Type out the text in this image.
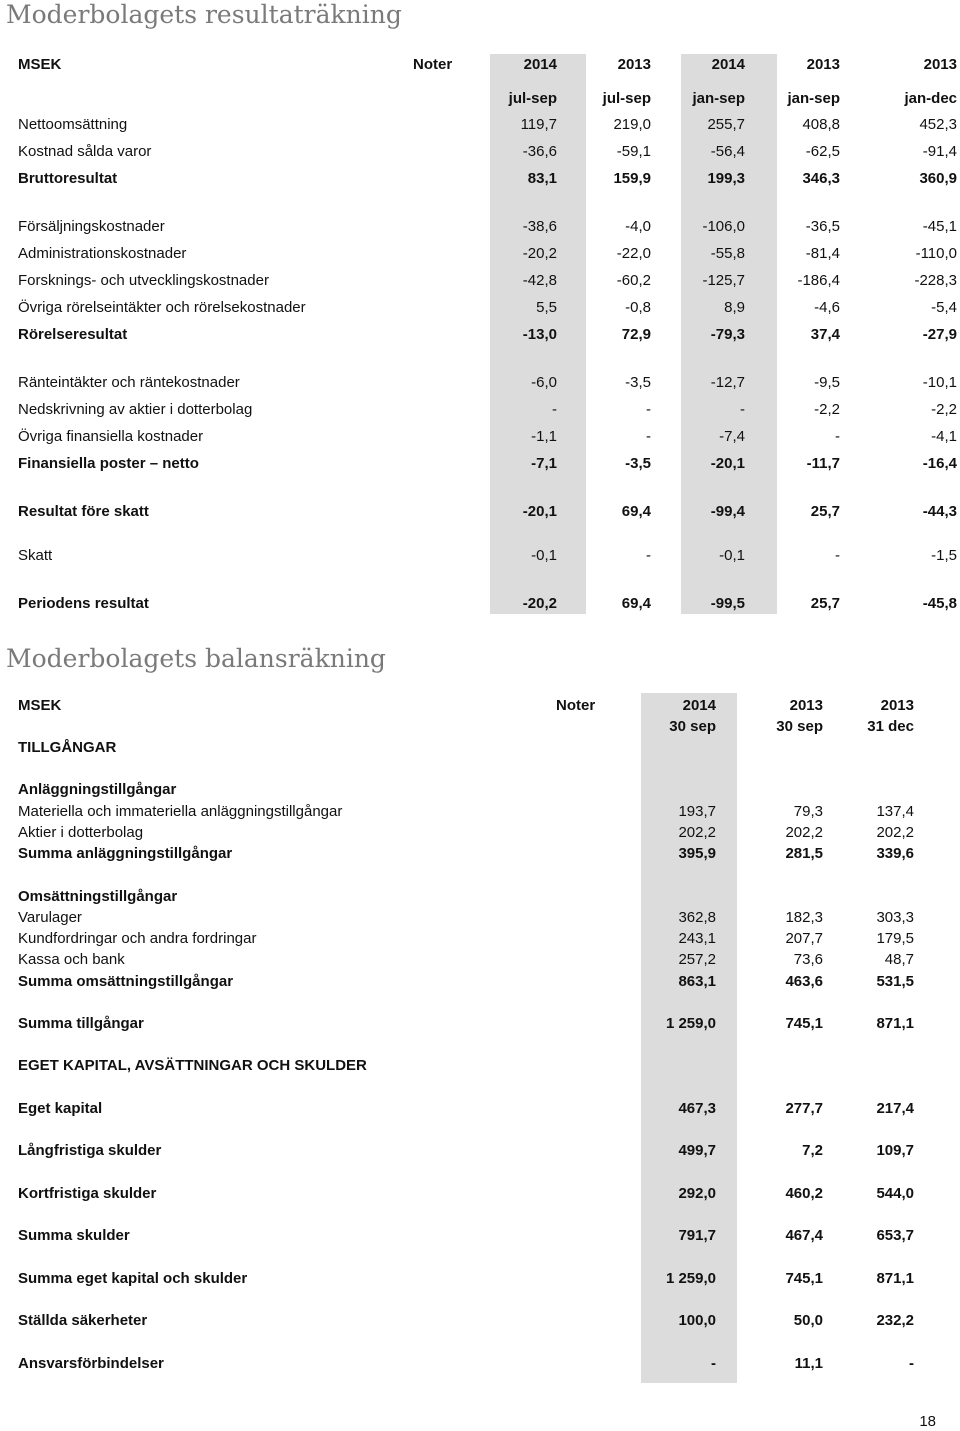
Moderbolagets resultaträkning
MSEK	Noter	2014	2013	2014	2013	2013
jul-sep	jul-sep	jan-sep	jan-sep	jan-dec
Nettoomsättning	119,7	219,0	255,7	408,8	452,3
Kostnad sålda varor	-36,6	-59,1	-56,4	-62,5	-91,4
Bruttoresultat	83,1	159,9	199,3	346,3	360,9
Försäljningskostnader	-38,6	-4,0	-106,0	-36,5	-45,1
Administrationskostnader	-20,2	-22,0	-55,8	-81,4	-110,0
Forsknings- och utvecklingskostnader	-42,8	-60,2	-125,7	-186,4	-228,3
Övriga rörelseintäkter och rörelsekostnader	5,5	-0,8	8,9	-4,6	-5,4
Rörelseresultat	-13,0	72,9	-79,3	37,4	-27,9
Ränteintäkter och räntekostnader	-6,0	-3,5	-12,7	-9,5	-10,1
Nedskrivning av aktier i dotterbolag	-	-	-	-2,2	-2,2
Övriga finansiella kostnader	-1,1	-	-7,4	-	-4,1
Finansiella poster – netto	-7,1	-3,5	-20,1	-11,7	-16,4
Resultat före skatt	-20,1	69,4	-99,4	25,7	-44,3
Skatt	-0,1	-	-0,1	-	-1,5
Periodens resultat	-20,2	69,4	-99,5	25,7	-45,8
Moderbolagets balansräkning
MSEK	Noter	2014	2013	2013
30 sep	30 sep	31 dec
TILLGÅNGAR
Anläggningstillgångar
Materiella och immateriella anläggningstillgångar	193,7	79,3	137,4
Aktier i dotterbolag	202,2	202,2	202,2
Summa anläggningstillgångar	395,9	281,5	339,6
Omsättningstillgångar
Varulager	362,8	182,3	303,3
Kundfordringar och andra fordringar	243,1	207,7	179,5
Kassa och bank	257,2	73,6	48,7
Summa omsättningstillgångar	863,1	463,6	531,5
Summa tillgångar	1 259,0	745,1	871,1
EGET KAPITAL, AVSÄTTNINGAR OCH SKULDER
Eget kapital	467,3	277,7	217,4
Långfristiga skulder	499,7	7,2	109,7
Kortfristiga skulder	292,0	460,2	544,0
Summa skulder	791,7	467,4	653,7
Summa eget kapital och skulder	1 259,0	745,1	871,1
Ställda säkerheter	100,0	50,0	232,2
Ansvarsförbindelser	-	11,1	-
18
